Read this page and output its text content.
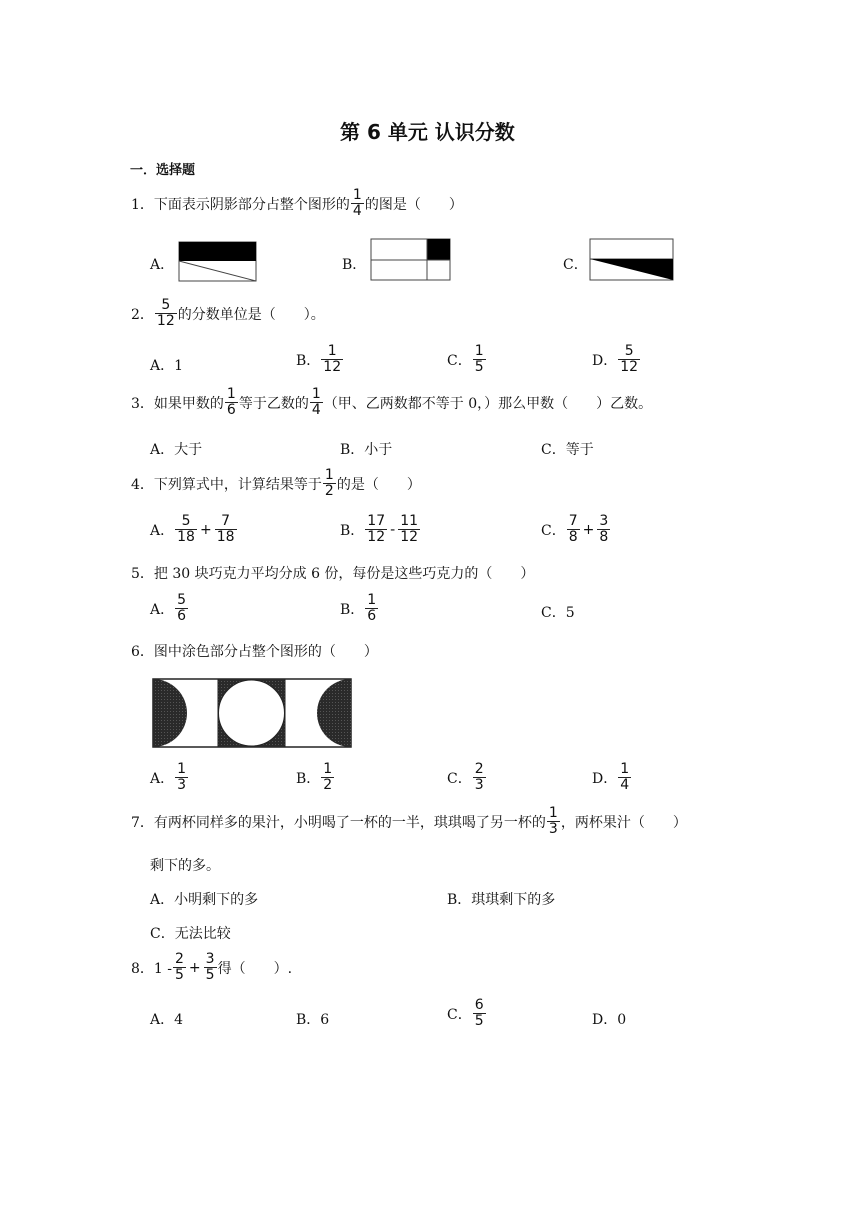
第 6 单元 认识分数
一．选择题
1．下面表示阴影部分占整个图形的 $\frac{1}{4}$ 的图是（　　）
A．	B．	C．
2． $\frac{5}{12}$ 的分数单位是（　　）。
A．1	B． $\frac{1}{12}$	C． $\frac{1}{5}$	D． $\frac{5}{12}$
3．如果甲数的 $\frac{1}{6}$ 等于乙数的 $\frac{1}{4}$ （甲、乙两数都不等于 0，）那么甲数（　　）乙数。
A．大于	B．小于	C．等于
4．下列算式中，计算结果等于 $\frac{1}{2}$ 的是（　　）
A． $\frac{5}{18} + \frac{7}{18}$	B． $\frac{17}{12} - \frac{11}{12}$	C． $\frac{7}{8} + \frac{3}{8}$
5．把 30 块巧克力平均分成 6 份，每份是这些巧克力的（　　）
A． $\frac{5}{6}$	B． $\frac{1}{6}$	C．5
6．图中涂色部分占整个图形的（　　）
A． $\frac{1}{3}$	B． $\frac{1}{2}$	C． $\frac{2}{3}$	D． $\frac{1}{4}$
7．有两杯同样多的果汁，小明喝了一杯的一半，琪琪喝了另一杯的 $\frac{1}{3}$ ，两杯果汁（　　）
剩下的多。
A．小明剩下的多	B．琪琪剩下的多
C．无法比较
8．$1 - \frac{2}{5} + \frac{3}{5}$ 得（　　）.
A．4	B．6	C． $\frac{6}{5}$	D．0
